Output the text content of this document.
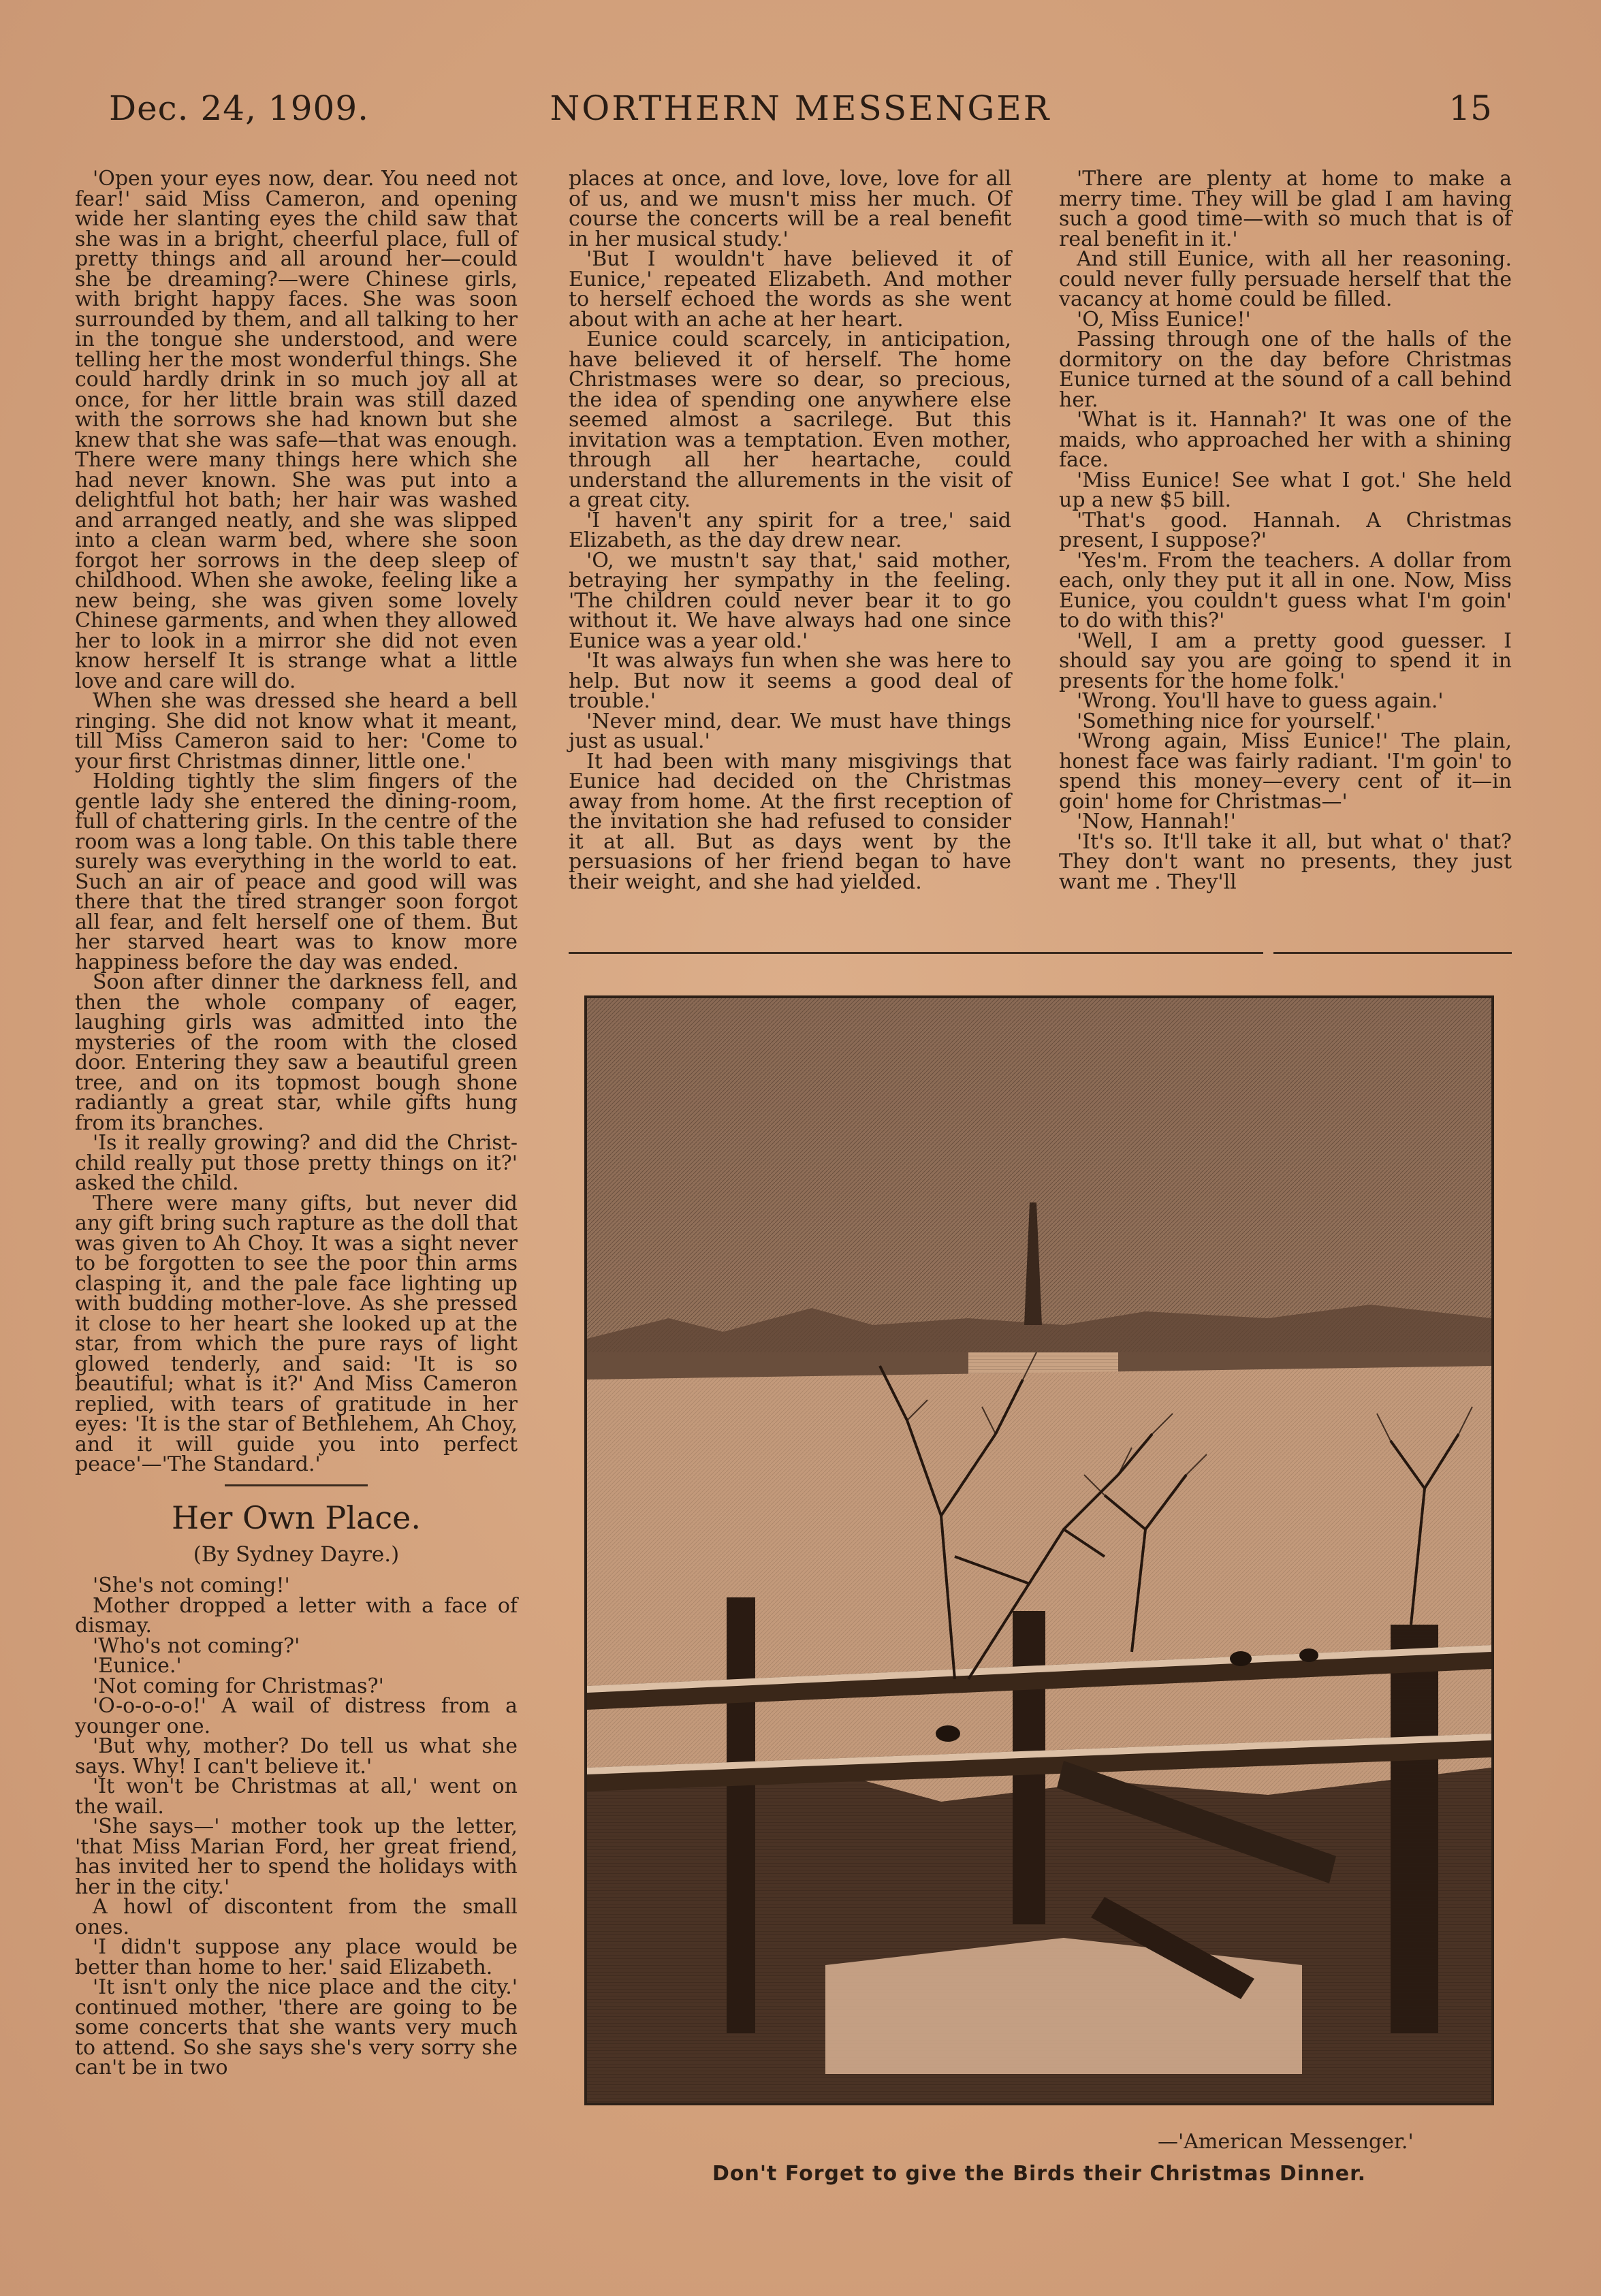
Dec. 24, 1909.	NORTHERN MESSENGER	15

'Open your eyes now, dear. You need not fear!' said Miss Cameron, and opening wide her slanting eyes the child saw that she was in a bright, cheerful place, full of pretty things and all around her—could she be dreaming?—were Chinese girls, with bright happy faces. She was soon surrounded by them, and all talking to her in the tongue she understood, and were telling her the most wonderful things. She could hardly drink in so much joy all at once, for her little brain was still dazed with the sorrows she had known but she knew that she was safe—that was enough. There were many things here which she had never known. She was put into a delightful hot bath; her hair was washed and arranged neatly, and she was slipped into a clean warm bed, where she soon forgot her sorrows in the deep sleep of childhood. When she awoke, feeling like a new being, she was given some lovely Chinese garments, and when they allowed her to look in a mirror she did not even know herself It is strange what a little love and care will do.

When she was dressed she heard a bell ringing. She did not know what it meant, till Miss Cameron said to her: 'Come to your first Christmas dinner, little one.'

Holding tightly the slim fingers of the gentle lady she entered the dining-room, full of chattering girls. In the centre of the room was a long table. On this table there surely was everything in the world to eat. Such an air of peace and good will was there that the tired stranger soon forgot all fear, and felt herself one of them. But her starved heart was to know more happiness before the day was ended.

Soon after dinner the darkness fell, and then the whole company of eager, laughing girls was admitted into the mysteries of the room with the closed door. Entering they saw a beautiful green tree, and on its topmost bough shone radiantly a great star, while gifts hung from its branches.

'Is it really growing? and did the Christ-child really put those pretty things on it?' asked the child.

There were many gifts, but never did any gift bring such rapture as the doll that was given to Ah Choy. It was a sight never to be forgotten to see the poor thin arms clasping it, and the pale face lighting up with budding mother-love. As she pressed it close to her heart she looked up at the star, from which the pure rays of light glowed tenderly, and said: 'It is so beautiful; what is it?' And Miss Cameron replied, with tears of gratitude in her eyes: 'It is the star of Bethlehem, Ah Choy, and it will guide you into perfect peace'—'The Standard.'

Her Own Place.
(By Sydney Dayre.)

'She's not coming!'

Mother dropped a letter with a face of dismay.

'Who's not coming?'

'Eunice.'

'Not coming for Christmas?'

'O-o-o-o-o!' A wail of distress from a younger one.

'But why, mother? Do tell us what she says. Why! I can't believe it.'

'It won't be Christmas at all,' went on the wail.

'She says—' mother took up the letter, 'that Miss Marian Ford, her great friend, has invited her to spend the holidays with her in the city.'

A howl of discontent from the small ones.

'I didn't suppose any place would be better than home to her.' said Elizabeth.

'It isn't only the nice place and the city.' continued mother, 'there are going to be some concerts that she wants very much to attend. So she says she's very sorry she can't be in two

places at once, and love, love, love for all of us, and we musn't miss her much. Of course the concerts will be a real benefit in her musical study.'

'But I wouldn't have believed it of Eunice,' repeated Elizabeth. And mother to herself echoed the words as she went about with an ache at her heart.

Eunice could scarcely, in anticipation, have believed it of herself. The home Christmases were so dear, so precious, the idea of spending one anywhere else seemed almost a sacrilege. But this invitation was a temptation. Even mother, through all her heartache, could understand the allurements in the visit of a great city.

'I haven't any spirit for a tree,' said Elizabeth, as the day drew near.

'O, we mustn't say that,' said mother, betraying her sympathy in the feeling. 'The children could never bear it to go without it. We have always had one since Eunice was a year old.'

'It was always fun when she was here to help. But now it seems a good deal of trouble.'

'Never mind, dear. We must have things just as usual.'

It had been with many misgivings that Eunice had decided on the Christmas away from home. At the first reception of the invitation she had refused to consider it at all. But as days went by the persuasions of her friend began to have their weight, and she had yielded.

'There are plenty at home to make a merry time. They will be glad I am having such a good time—with so much that is of real benefit in it.'

And still Eunice, with all her reasoning. could never fully persuade herself that the vacancy at home could be filled.

'O, Miss Eunice!'

Passing through one of the halls of the dormitory on the day before Christmas Eunice turned at the sound of a call behind her.

'What is it. Hannah?' It was one of the maids, who approached her with a shining face.

'Miss Eunice! See what I got.' She held up a new $5 bill.

'That's good. Hannah. A Christmas present, I suppose?'

'Yes'm. From the teachers. A dollar from each, only they put it all in one. Now, Miss Eunice, you couldn't guess what I'm goin' to do with this?'

'Well, I am a pretty good guesser. I should say you are going to spend it in presents for the home folk.'

'Wrong. You'll have to guess again.'

'Something nice for yourself.'

'Wrong again, Miss Eunice!' The plain, honest face was fairly radiant. 'I'm goin' to spend this money—every cent of it—in goin' home for Christmas—'

'Now, Hannah!'

'It's so. It'll take it all, but what o' that? They don't want no presents, they just want me . They'll

—'American Messenger.'
Don't Forget to give the Birds their Christmas Dinner.
